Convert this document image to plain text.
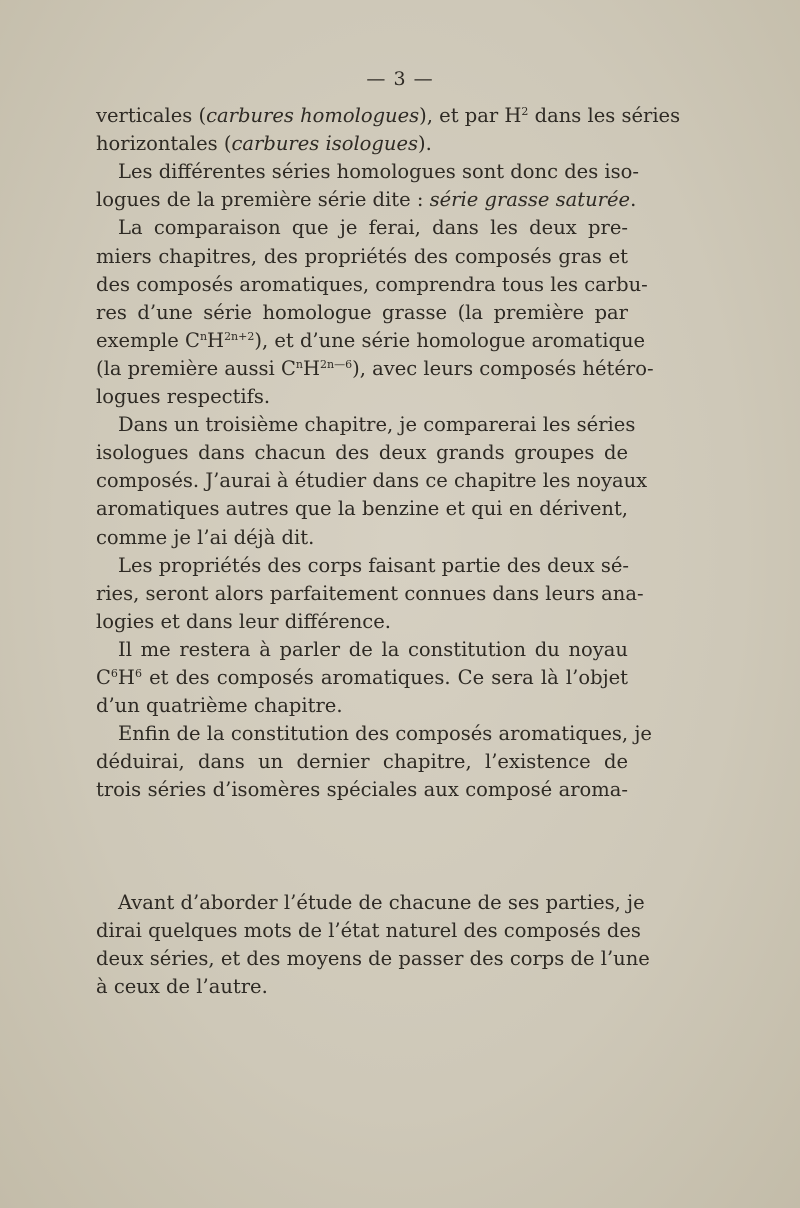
— 3 —
verticales (carbures homologues), et par $H^2$ dans les séries
horizontales (carbures isologues).
Les différentes séries homologues sont donc des iso-
logues de la première série dite : série grasse saturée.
La comparaison que je ferai, dans les deux pre-
miers chapitres, des propriétés des composés gras et
des composés aromatiques, comprendra tous les carbu-
res d’une série homologue grasse (la première par
exemple $C^nH^{2n+2}$), et d’une série homologue aromatique
(la première aussi $C^nH^{2n—6}$), avec leurs composés hétéro-
logues respectifs.
Dans un troisième chapitre, je comparerai les séries
isologues dans chacun des deux grands groupes de
composés. J’aurai à étudier dans ce chapitre les noyaux
aromatiques autres que la benzine et qui en dérivent,
comme je l’ai déjà dit.
Les propriétés des corps faisant partie des deux sé-
ries, seront alors parfaitement connues dans leurs ana-
logies et dans leur différence.
Il me restera à parler de la constitution du noyau
$C^6H^6$ et des composés aromatiques. Ce sera là l’objet
d’un quatrième chapitre.
Enfin de la constitution des composés aromatiques, je
déduirai, dans un dernier chapitre, l’existence de
trois séries d’isomères spéciales aux composé aroma-
Avant d’aborder l’étude de chacune de ses parties, je
dirai quelques mots de l’état naturel des composés des
deux séries, et des moyens de passer des corps de l’une
à ceux de l’autre.
